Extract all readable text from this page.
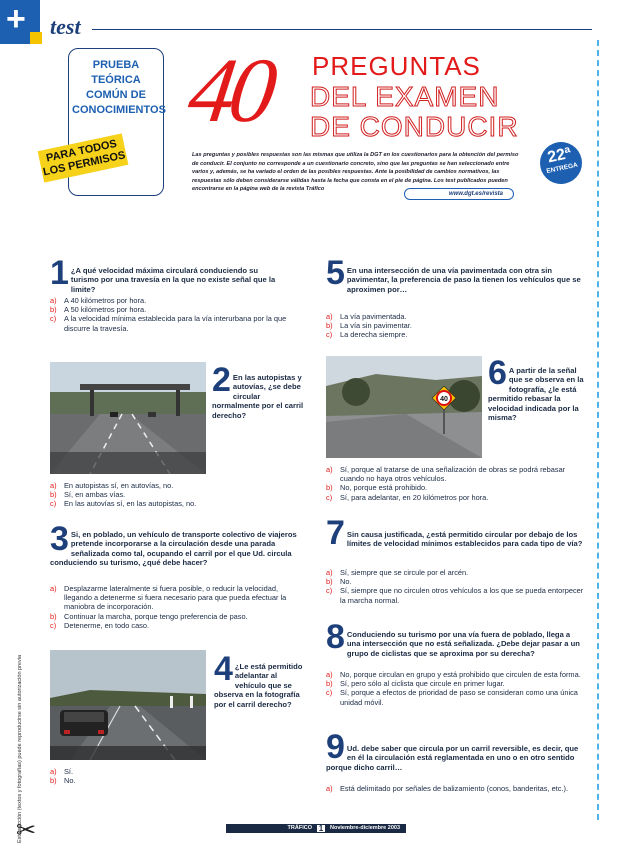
+ test
PRUEBA TEÓRICA COMÚN DE CONOCIMIENTOS
PARA TODOS LOS PERMISOS
40 PREGUNTAS
DEL EXAMEN
DE CONDUCIR
Las preguntas y posibles respuestas son las mismas que utiliza la DGT en los cuestionarios para la obtención del permiso de conducir. El conjunto no corresponde a un cuestionario concreto, sino que las preguntas se han seleccionado entre varios y, además, se ha variado el orden de las posibles respuestas. Ante la posibilidad de cambios normativos, las respuestas sólo deben considerarse válidas hasta la fecha que consta en el pie de página. Los test publicados pueden encontrarse en la página web de la revista Tráfico
www.dgt.es/revista
22ª
ENTREGA
Esta sección (textos y fotografías) puede reproducirse sin autorización previa
✂
1 ¿A qué velocidad máxima circulará conduciendo su turismo por una travesía en la que no existe señal que la limite?
a)	A 40 kilómetros por hora.
b)	A 50 kilómetros por hora.
c)	A la velocidad mínima establecida para la vía interurbana por la que discurre la travesía.
2 En las autopistas y autovías, ¿se debe circular normalmente por el carril derecho?
a)	En autopistas sí, en autovías, no.
b)	Sí, en ambas vías.
c)	En las autovías sí, en las autopistas, no.
3 Si, en poblado, un vehículo de transporte colectivo de viajeros pretende incorporarse a la circulación desde una parada señalizada como tal, ocupando el carril por el que Ud. circula conduciendo su turismo, ¿qué debe hacer?
a)	Desplazarme lateralmente si fuera posible, o reducir la velocidad, llegando a detenerme si fuera necesario para que pueda efectuar la maniobra de incorporación.
b)	Continuar la marcha, porque tengo preferencia de paso.
c)	Detenerme, en todo caso.
4 ¿Le está permitido adelantar al vehículo que se observa en la fotografía por el carril derecho?
a)	Sí.
b)	No.
5 En una intersección de una vía pavimentada con otra sin pavimentar, la preferencia de paso la tienen los vehículos que se aproximen por…
a)	La vía pavimentada.
b)	La vía sin pavimentar.
c)	La derecha siempre.
40
6 A partir de la señal que se observa en la fotografía, ¿le está permitido rebasar la velocidad indicada por la misma?
a)	Sí, porque al tratarse de una señalización de obras se podrá rebasar cuando no haya otros vehículos.
b)	No, porque está prohibido.
c)	Sí, para adelantar, en 20 kilómetros por hora.
7 Sin causa justificada, ¿está permitido circular por debajo de los límites de velocidad mínimos establecidos para cada tipo de vía?
a)	Sí, siempre que se circule por el arcén.
b)	No.
c)	Sí, siempre que no circulen otros vehículos a los que se pueda entorpecer la marcha normal.
8 Conduciendo su turismo por una vía fuera de poblado, llega a una intersección que no está señalizada. ¿Debe dejar pasar a un grupo de ciclistas que se aproxima por su derecha?
a)	No, porque circulan en grupo y está prohibido que circulen de esta forma.
b)	Sí, pero sólo al ciclista que circule en primer lugar.
c)	Sí, porque a efectos de prioridad de paso se consideran como una única unidad móvil.
9 Ud. debe saber que circula por un carril reversible, es decir, que en él la circulación está reglamentada en uno o en otro sentido porque dicho carril…
a)	Está delimitado por señales de balizamiento (conos, banderitas, etc.).
TRÁFICO 1	Noviembre-diciembre 2003
